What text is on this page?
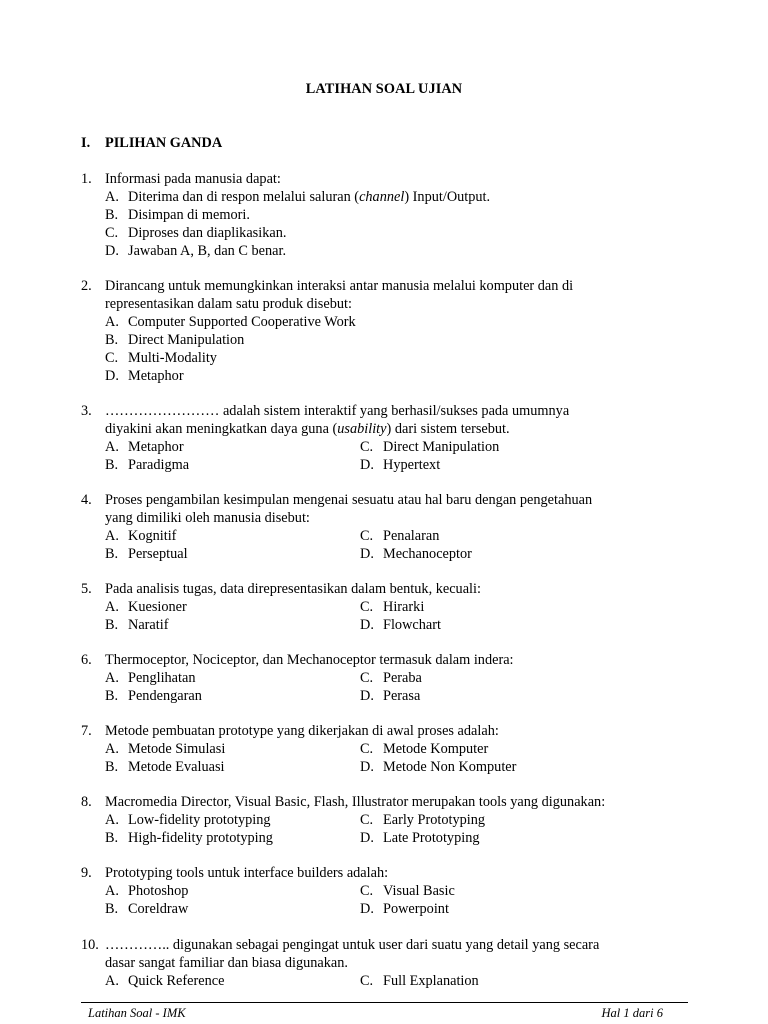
LATIHAN SOAL UJIAN
I. PILIHAN GANDA
1. Informasi pada manusia dapat:
A. Diterima dan di respon melalui saluran (channel) Input/Output.
B. Disimpan di memori.
C. Diproses dan diaplikasikan.
D. Jawaban A, B, dan C benar.
2. Dirancang untuk memungkinkan interaksi antar manusia melalui komputer dan di
representasikan dalam satu produk disebut:
A. Computer Supported Cooperative Work
B. Direct Manipulation
C. Multi-Modality
D. Metaphor
3. …………………… adalah sistem interaktif yang berhasil/sukses pada umumnya
diyakini akan meningkatkan daya guna (usability) dari sistem tersebut.
A. Metaphor	C. Direct Manipulation
B. Paradigma	D. Hypertext
4. Proses pengambilan kesimpulan mengenai sesuatu atau hal baru dengan pengetahuan
yang dimiliki oleh manusia disebut:
A. Kognitif	C. Penalaran
B. Perseptual	D. Mechanoceptor
5. Pada analisis tugas, data direpresentasikan dalam bentuk, kecuali:
A. Kuesioner	C. Hirarki
B. Naratif	D. Flowchart
6. Thermoceptor, Nociceptor, dan Mechanoceptor termasuk dalam indera:
A. Penglihatan	C. Peraba
B. Pendengaran	D. Perasa
7. Metode pembuatan prototype yang dikerjakan di awal proses adalah:
A. Metode Simulasi	C. Metode Komputer
B. Metode Evaluasi	D. Metode Non Komputer
8. Macromedia Director, Visual Basic, Flash, Illustrator merupakan tools yang digunakan:
A. Low-fidelity prototyping	C. Early Prototyping
B. High-fidelity prototyping	D. Late Prototyping
9. Prototyping tools untuk interface builders adalah:
A. Photoshop	C. Visual Basic
B. Coreldraw	D. Powerpoint
10. ………….. digunakan sebagai pengingat untuk user dari suatu yang detail yang secara
dasar sangat familiar dan biasa digunakan.
A. Quick Reference	C. Full Explanation
Latihan Soal - IMK	Hal 1 dari 6
